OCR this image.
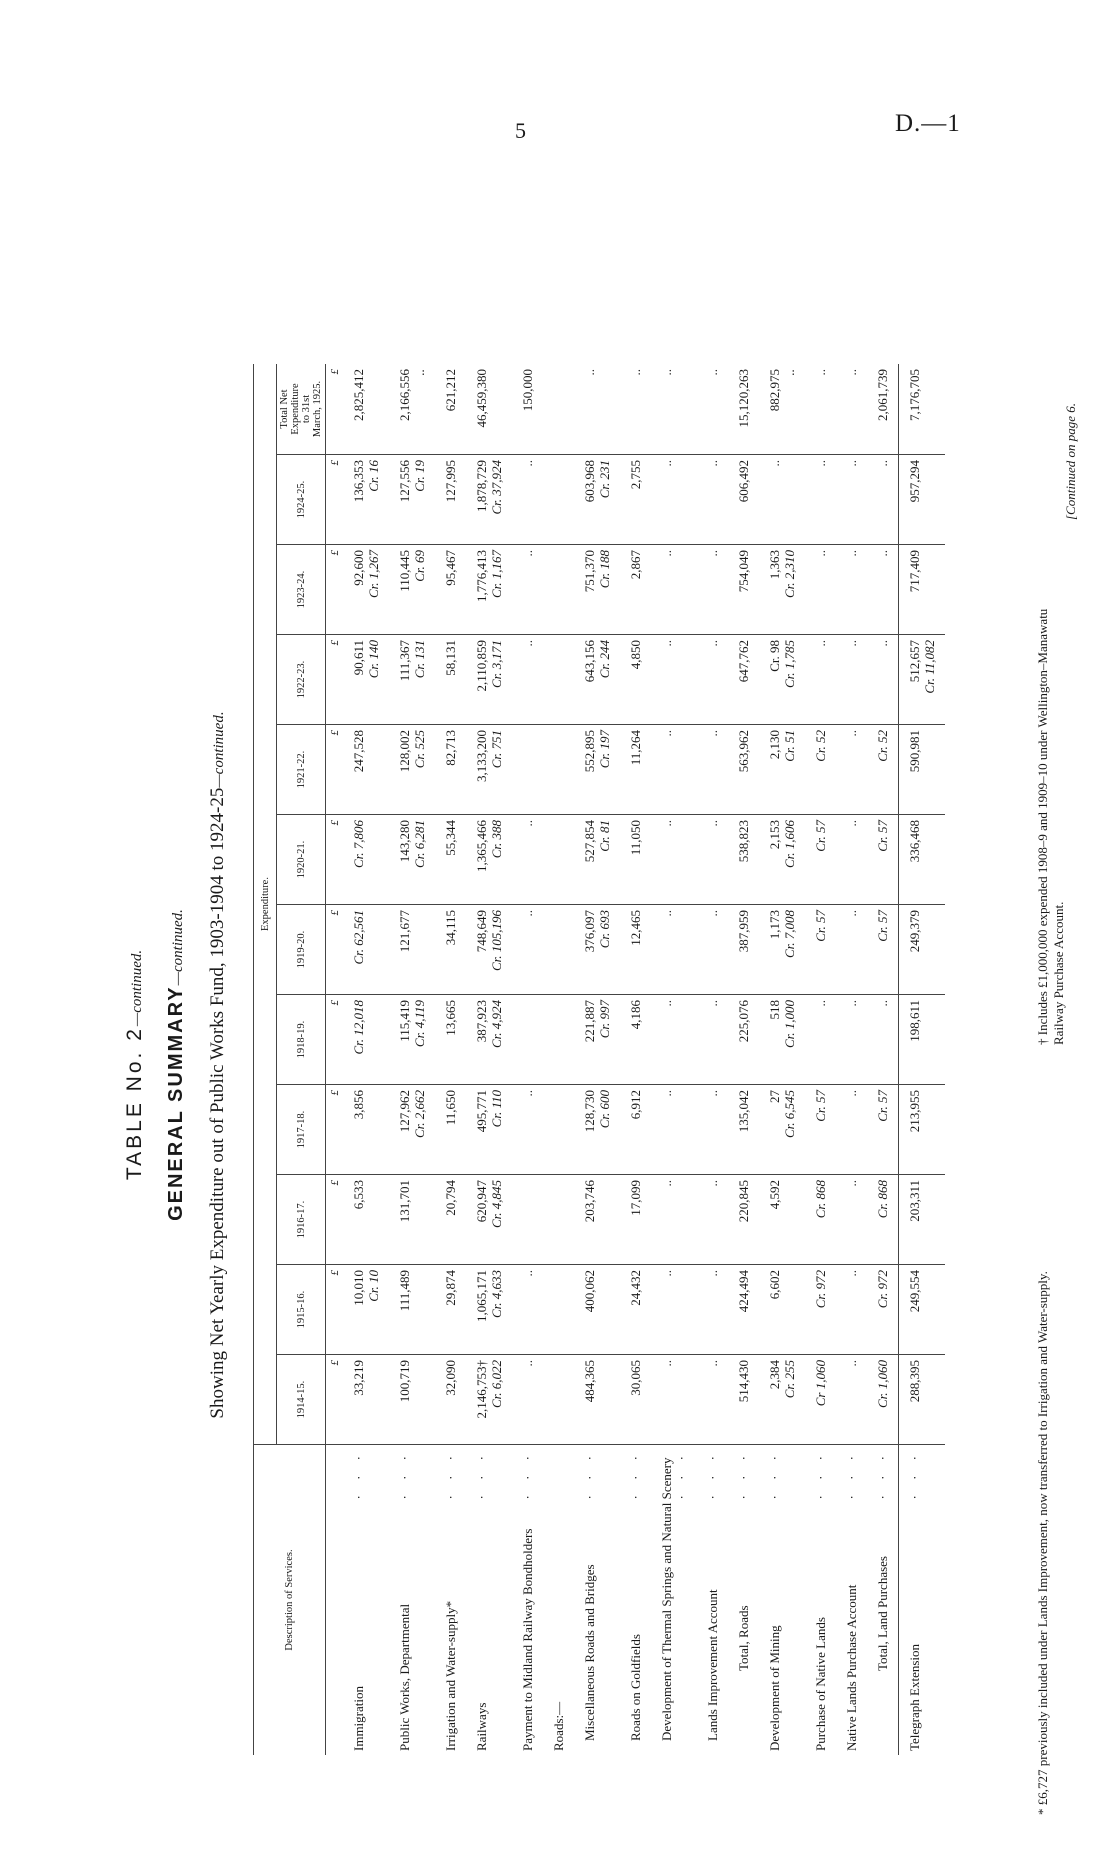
5	D.—1
TABLE No. 2—continued. GENERAL SUMMARY—continued. Showing Net Yearly Expenditure out of Public Works Fund, 1903-1904 to 1924-25—continued.
Description of Services.	Expenditure.											
	1914-15.	1915-16.	1916-17.	1917-18.	1918-19.	1919-20.	1920-21.	1921-22.	1922-23.	1923-24.	1924-25.	Total Net
Expenditure
to 31st
March, 1925.
	£	£	£	£	£	£	£	£	£	£	£	£
Immigration
· · ·	33,219	10,010 Cr. 10	6,533	3,856	Cr. 12,018	Cr. 62,561	Cr. 7,806	247,528	90,611 Cr. 140	92,600 Cr. 1,267	136,353 Cr. 16	2,825,412

Public Works, Departmental
· · ·	100,719	111,489	131,701	127,962 Cr. 2,662	115,419 Cr. 4,119	121,677	143,280 Cr. 6,281	128,002 Cr. 525	111,367 Cr. 131	110,445 Cr. 69	127,556 Cr. 19	2,166,556 ..

Irrigation and Water-supply*
· · ·	32,090	29,874	20,794	11,650	13,665	34,115	55,344	82,713	58,131	95,467	127,995	621,212

Railways
· · ·	2,146,753† Cr. 6,022	1,065,171 Cr. 4,633	620,947 Cr. 4,845	495,771 Cr. 110	387,923 Cr. 4,924	748,649 Cr. 105,196	1,365,466 Cr. 388	3,133,200 Cr. 751	2,110,859 Cr. 3,171	1,776,413 Cr. 1,167	1,878,729 Cr. 37,924	46,459,380

Payment to Midland Railway Bondholders
· · ·	..	..		..		..	..		..	..	..	150,000

Roads:—												
Miscellaneous Roads and Bridges
· · ·	484,365	400,062	203,746	128,730 Cr. 600	221,887 Cr. 997	376,097 Cr. 693	527,854 Cr. 81	552,895 Cr. 197	643,156 Cr. 244	751,370 Cr. 188	603,968 Cr. 231	..

Roads on Goldfields
· · ·	30,065	24,432	17,099	6,912	4,186	12,465	11,050	11,264	4,850	2,867	2,755	..

Development of Thermal Springs and Natural Scenery · · ·	..	..	..	..	..	..	..	..	..	..	..	..

Lands Improvement Account
· · ·	..	..	..	..	..	..	..	..	..	..	..	..

Total, Roads
· · ·	514,430	424,494	220,845	135,042	225,076	387,959	538,823	563,962	647,762	754,049	606,492	15,120,263

Development of Mining
· · ·	2,384 Cr. 255	6,602	4,592	27 Cr. 6,545	518 Cr. 1,000	1,173 Cr. 7,008	2,153 Cr. 1,606	2,130 Cr. 51	Cr. 98 Cr. 1,785	1,363 Cr. 2,310	..	882,975 ..

Purchase of Native Lands
· · ·	Cr 1,060	Cr. 972	Cr. 868	Cr. 57	..	Cr. 57	Cr. 57	Cr. 52	..	..	..	..

Native Lands Purchase Account
· · ·	..	..	..	..	..	..	..	..	..	..	..	..

Total, Land Purchases
· · ·	Cr. 1,060	Cr. 972	Cr. 868	Cr. 57	..	Cr. 57	Cr. 57	Cr. 52	..	..	..	2,061,739

Telegraph Extension
· · ·	288,395	249,554	203,311	213,955	198,611	249,379	336,468	590,981	512,657 Cr. 11,082	717,409	957,294	7,176,705
* £6,727 previously included under Lands Improvement, now transferred to Irrigation and Water-supply.
† Includes £1,000,000 expended 1908–9 and 1909–10 under Wellington–Manawatu
Railway Purchase Account.
[Continued on page 6.
